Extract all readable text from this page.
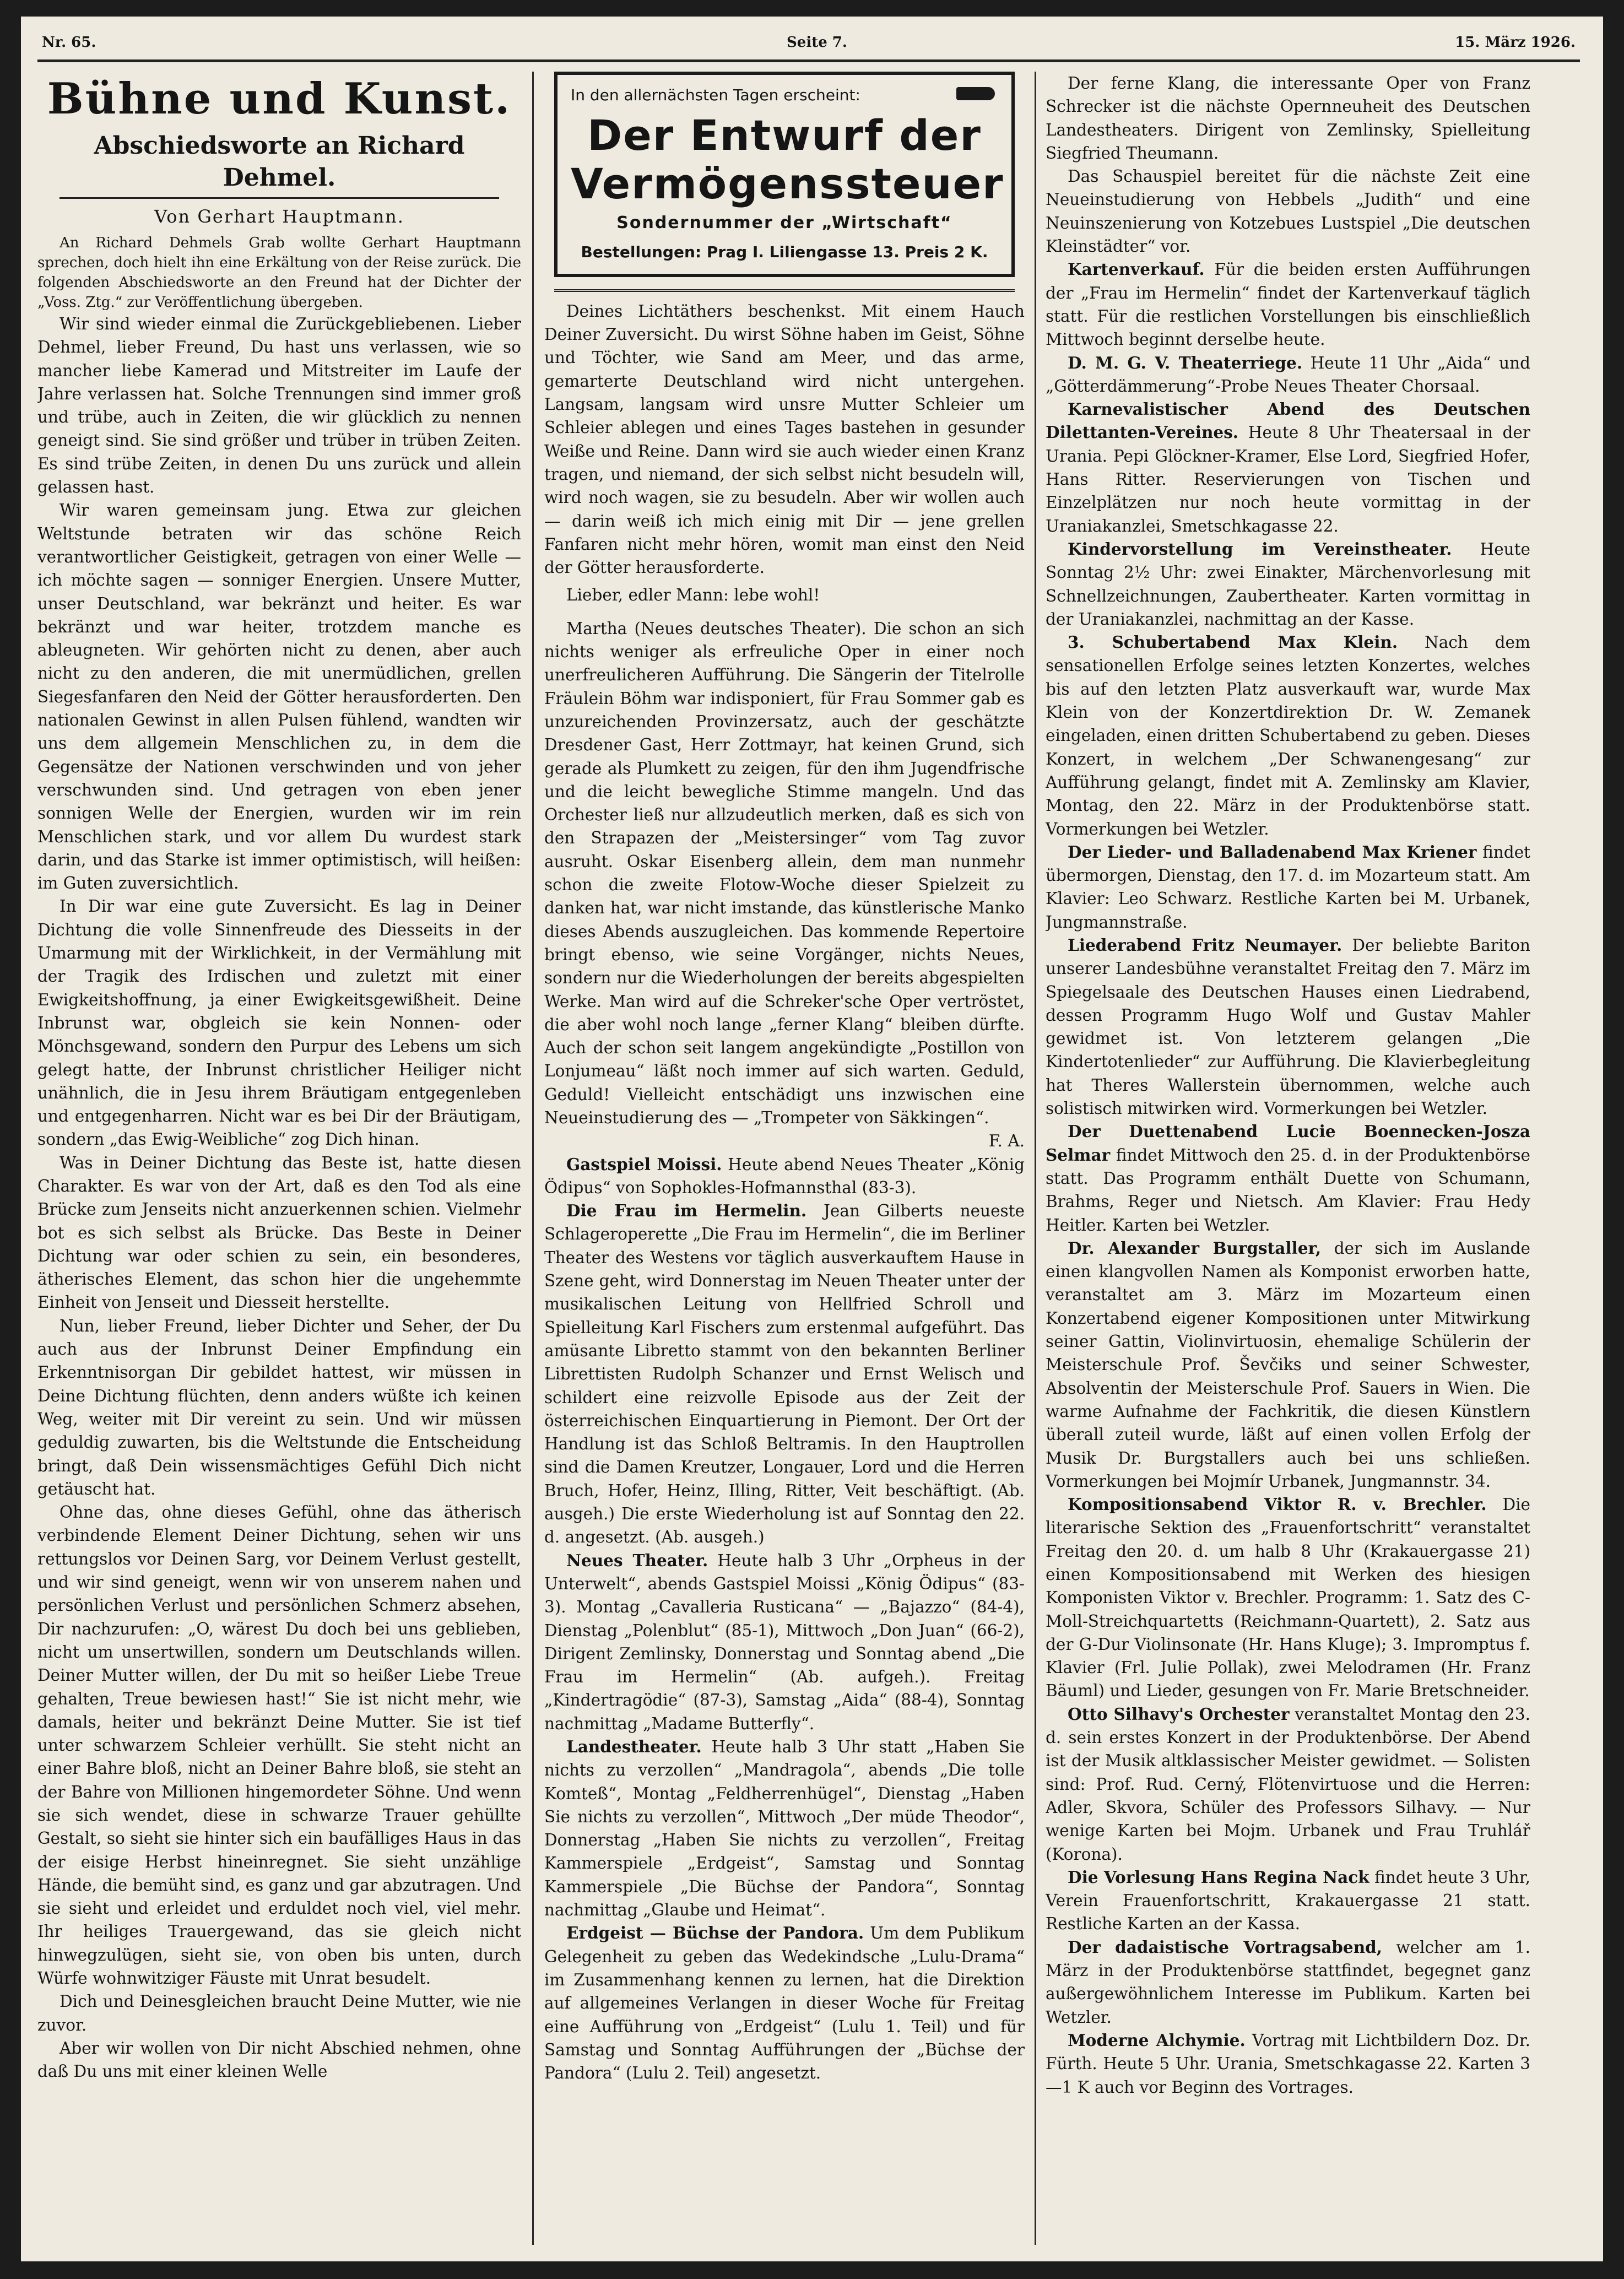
Nr. 65.	Seite 7.	15. März 1926.
Bühne und Kunst.
Abschiedsworte an Richard Dehmel.
Von Gerhart Hauptmann.

An Richard Dehmels Grab wollte Gerhart Hauptmann sprechen, doch hielt ihn eine Erkältung von der Reise zurück. Die folgenden Abschiedsworte an den Freund hat der Dichter der „Voss. Ztg.“ zur Veröffentlichung übergeben.

Wir sind wieder einmal die Zurückgebliebenen. Lieber Dehmel, lieber Freund, Du hast uns verlassen, wie so mancher liebe Kamerad und Mitstreiter im Laufe der Jahre verlassen hat. Solche Trennungen sind immer groß und trübe, auch in Zeiten, die wir glücklich zu nennen geneigt sind. Sie sind größer und trüber in trüben Zeiten. Es sind trübe Zeiten, in denen Du uns zurück und allein gelassen hast.

Wir waren gemeinsam jung. Etwa zur gleichen Weltstunde betraten wir das schöne Reich verantwortlicher Geistigkeit, getragen von einer Welle — ich möchte sagen — sonniger Energien. Unsere Mutter, unser Deutschland, war bekränzt und heiter. Es war bekränzt und war heiter, trotzdem manche es ableugneten. Wir gehörten nicht zu denen, aber auch nicht zu den anderen, die mit unermüdlichen, grellen Siegesfanfaren den Neid der Götter herausforderten. Den nationalen Gewinst in allen Pulsen fühlend, wandten wir uns dem allgemein Menschlichen zu, in dem die Gegensätze der Nationen verschwinden und von jeher verschwunden sind. Und getragen von eben jener sonnigen Welle der Energien, wurden wir im rein Menschlichen stark, und vor allem Du wurdest stark darin, und das Starke ist immer optimistisch, will heißen: im Guten zuversichtlich.

In Dir war eine gute Zuversicht. Es lag in Deiner Dichtung die volle Sinnenfreude des Diesseits in der Umarmung mit der Wirklichkeit, in der Vermählung mit der Tragik des Irdischen und zuletzt mit einer Ewigkeitshoffnung, ja einer Ewigkeitsgewißheit. Deine Inbrunst war, obgleich sie kein Nonnen- oder Mönchsgewand, sondern den Purpur des Lebens um sich gelegt hatte, der Inbrunst christlicher Heiliger nicht unähnlich, die in Jesu ihrem Bräutigam entgegenleben und entgegenharren. Nicht war es bei Dir der Bräutigam, sondern „das Ewig-Weibliche“ zog Dich hinan.

Was in Deiner Dichtung das Beste ist, hatte diesen Charakter. Es war von der Art, daß es den Tod als eine Brücke zum Jenseits nicht anzuerkennen schien. Vielmehr bot es sich selbst als Brücke. Das Beste in Deiner Dichtung war oder schien zu sein, ein besonderes, ätherisches Element, das schon hier die ungehemmte Einheit von Jenseit und Diesseit herstellte.

Nun, lieber Freund, lieber Dichter und Seher, der Du auch aus der Inbrunst Deiner Empfindung ein Erkenntnisorgan Dir gebildet hattest, wir müssen in Deine Dichtung flüchten, denn anders wüßte ich keinen Weg, weiter mit Dir vereint zu sein. Und wir müssen geduldig zuwarten, bis die Weltstunde die Entscheidung bringt, daß Dein wissensmächtiges Gefühl Dich nicht getäuscht hat.

Ohne das, ohne dieses Gefühl, ohne das ätherisch verbindende Element Deiner Dichtung, sehen wir uns rettungslos vor Deinen Sarg, vor Deinem Verlust gestellt, und wir sind geneigt, wenn wir von unserem nahen und persönlichen Verlust und persönlichen Schmerz absehen, Dir nachzurufen: „O, wärest Du doch bei uns geblieben, nicht um unsertwillen, sondern um Deutschlands willen. Deiner Mutter willen, der Du mit so heißer Liebe Treue gehalten, Treue bewiesen hast!“ Sie ist nicht mehr, wie damals, heiter und bekränzt Deine Mutter. Sie ist tief unter schwarzem Schleier verhüllt. Sie steht nicht an einer Bahre bloß, nicht an Deiner Bahre bloß, sie steht an der Bahre von Millionen hingemordeter Söhne. Und wenn sie sich wendet, diese in schwarze Trauer gehüllte Gestalt, so sieht sie hinter sich ein baufälliges Haus in das der eisige Herbst hineinregnet. Sie sieht unzählige Hände, die bemüht sind, es ganz und gar abzutragen. Und sie sieht und erleidet und erduldet noch viel, viel mehr. Ihr heiliges Trauergewand, das sie gleich nicht hinwegzulügen, sieht sie, von oben bis unten, durch Würfe wohnwitziger Fäuste mit Unrat besudelt.

Dich und Deinesgleichen braucht Deine Mutter, wie nie zuvor.

Aber wir wollen von Dir nicht Abschied nehmen, ohne daß Du uns mit einer kleinen Welle

In den allernächsten Tagen erscheint:
Der Entwurf der
Vermögenssteuer
Sondernummer der „Wirtschaft“
Bestellungen: Prag I. Liliengasse 13. Preis 2 K.

Deines Lichtäthers beschenkst. Mit einem Hauch Deiner Zuversicht. Du wirst Söhne haben im Geist, Söhne und Töchter, wie Sand am Meer, und das arme, gemarterte Deutschland wird nicht untergehen. Langsam, langsam wird unsre Mutter Schleier um Schleier ablegen und eines Tages bastehen in gesunder Weiße und Reine. Dann wird sie auch wieder einen Kranz tragen, und niemand, der sich selbst nicht besudeln will, wird noch wagen, sie zu besudeln. Aber wir wollen auch — darin weiß ich mich einig mit Dir — jene grellen Fanfaren nicht mehr hören, womit man einst den Neid der Götter herausforderte.

Lieber, edler Mann: lebe wohl!

Martha (Neues deutsches Theater). Die schon an sich nichts weniger als erfreuliche Oper in einer noch unerfreulicheren Aufführung. Die Sängerin der Titelrolle Fräulein Böhm war indisponiert, für Frau Sommer gab es unzureichenden Provinzersatz, auch der geschätzte Dresdener Gast, Herr Zottmayr, hat keinen Grund, sich gerade als Plumkett zu zeigen, für den ihm Jugendfrische und die leicht bewegliche Stimme mangeln. Und das Orchester ließ nur allzudeutlich merken, daß es sich von den Strapazen der „Meistersinger“ vom Tag zuvor ausruht. Oskar Eisenberg allein, dem man nunmehr schon die zweite Flotow-Woche dieser Spielzeit zu danken hat, war nicht imstande, das künstlerische Manko dieses Abends auszugleichen. Das kommende Repertoire bringt ebenso, wie seine Vorgänger, nichts Neues, sondern nur die Wiederholungen der bereits abgespielten Werke. Man wird auf die Schreker'sche Oper vertröstet, die aber wohl noch lange „ferner Klang“ bleiben dürfte. Auch der schon seit langem angekündigte „Postillon von Lonjumeau“ läßt noch immer auf sich warten. Geduld, Geduld! Vielleicht entschädigt uns inzwischen eine Neueinstudierung des — „Trompeter von Säkkingen“.

F. A.

Gastspiel Moissi. Heute abend Neues Theater „König Ödipus“ von Sophokles-Hofmannsthal (83-3).

Die Frau im Hermelin. Jean Gilberts neueste Schlageroperette „Die Frau im Hermelin“, die im Berliner Theater des Westens vor täglich ausverkauftem Hause in Szene geht, wird Donnerstag im Neuen Theater unter der musikalischen Leitung von Hellfried Schroll und Spielleitung Karl Fischers zum erstenmal aufgeführt. Das amüsante Libretto stammt von den bekannten Berliner Librettisten Rudolph Schanzer und Ernst Welisch und schildert eine reizvolle Episode aus der Zeit der österreichischen Einquartierung in Piemont. Der Ort der Handlung ist das Schloß Beltramis. In den Hauptrollen sind die Damen Kreutzer, Longauer, Lord und die Herren Bruch, Hofer, Heinz, Illing, Ritter, Veit beschäftigt. (Ab. ausgeh.) Die erste Wiederholung ist auf Sonntag den 22. d. angesetzt. (Ab. ausgeh.)

Neues Theater. Heute halb 3 Uhr „Orpheus in der Unterwelt“, abends Gastspiel Moissi „König Ödipus“ (83-3). Montag „Cavalleria Rusticana“ — „Bajazzo“ (84-4), Dienstag „Polenblut“ (85-1), Mittwoch „Don Juan“ (66-2), Dirigent Zemlinsky, Donnerstag und Sonntag abend „Die Frau im Hermelin“ (Ab. aufgeh.). Freitag „Kindertragödie“ (87-3), Samstag „Aida“ (88-4), Sonntag nachmittag „Madame Butterfly“.

Landestheater. Heute halb 3 Uhr statt „Haben Sie nichts zu verzollen“ „Mandragola“, abends „Die tolle Komteß“, Montag „Feldherrenhügel“, Dienstag „Haben Sie nichts zu verzollen“, Mittwoch „Der müde Theodor“, Donnerstag „Haben Sie nichts zu verzollen“, Freitag Kammerspiele „Erdgeist“, Samstag und Sonntag Kammerspiele „Die Büchse der Pandora“, Sonntag nachmittag „Glaube und Heimat“.

Erdgeist — Büchse der Pandora. Um dem Publikum Gelegenheit zu geben das Wedekindsche „Lulu-Drama“ im Zusammenhang kennen zu lernen, hat die Direktion auf allgemeines Verlangen in dieser Woche für Freitag eine Aufführung von „Erdgeist“ (Lulu 1. Teil) und für Samstag und Sonntag Aufführungen der „Büchse der Pandora“ (Lulu 2. Teil) angesetzt.

Der ferne Klang, die interessante Oper von Franz Schrecker ist die nächste Opernneuheit des Deutschen Landestheaters. Dirigent von Zemlinsky, Spielleitung Siegfried Theumann.

Das Schauspiel bereitet für die nächste Zeit eine Neueinstudierung von Hebbels „Judith“ und eine Neuinszenierung von Kotzebues Lustspiel „Die deutschen Kleinstädter“ vor.

Kartenverkauf. Für die beiden ersten Aufführungen der „Frau im Hermelin“ findet der Kartenverkauf täglich statt. Für die restlichen Vorstellungen bis einschließlich Mittwoch beginnt derselbe heute.

D. M. G. V. Theaterriege. Heute 11 Uhr „Aida“ und „Götterdämmerung“-Probe Neues Theater Chorsaal.

Karnevalistischer Abend des Deutschen Dilettanten-Vereines. Heute 8 Uhr Theatersaal in der Urania. Pepi Glöckner-Kramer, Else Lord, Siegfried Hofer, Hans Ritter. Reservierungen von Tischen und Einzelplätzen nur noch heute vormittag in der Uraniakanzlei, Smetschkagasse 22.

Kindervorstellung im Vereinstheater. Heute Sonntag 2½ Uhr: zwei Einakter, Märchenvorlesung mit Schnellzeichnungen, Zaubertheater. Karten vormittag in der Uraniakanzlei, nachmittag an der Kasse.

3. Schubertabend Max Klein. Nach dem sensationellen Erfolge seines letzten Konzertes, welches bis auf den letzten Platz ausverkauft war, wurde Max Klein von der Konzertdirektion Dr. W. Zemanek eingeladen, einen dritten Schubertabend zu geben. Dieses Konzert, in welchem „Der Schwanengesang“ zur Aufführung gelangt, findet mit A. Zemlinsky am Klavier, Montag, den 22. März in der Produktenbörse statt. Vormerkungen bei Wetzler.

Der Lieder- und Balladenabend Max Kriener findet übermorgen, Dienstag, den 17. d. im Mozarteum statt. Am Klavier: Leo Schwarz. Restliche Karten bei M. Urbanek, Jungmannstraße.

Liederabend Fritz Neumayer. Der beliebte Bariton unserer Landesbühne veranstaltet Freitag den 7. März im Spiegelsaale des Deutschen Hauses einen Liedrabend, dessen Programm Hugo Wolf und Gustav Mahler gewidmet ist. Von letzterem gelangen „Die Kindertotenlieder“ zur Aufführung. Die Klavierbegleitung hat Theres Wallerstein übernommen, welche auch solistisch mitwirken wird. Vormerkungen bei Wetzler.

Der Duettenabend Lucie Boennecken-Josza Selmar findet Mittwoch den 25. d. in der Produktenbörse statt. Das Programm enthält Duette von Schumann, Brahms, Reger und Nietsch. Am Klavier: Frau Hedy Heitler. Karten bei Wetzler.

Dr. Alexander Burgstaller, der sich im Auslande einen klangvollen Namen als Komponist erworben hatte, veranstaltet am 3. März im Mozarteum einen Konzertabend eigener Kompositionen unter Mitwirkung seiner Gattin, Violinvirtuosin, ehemalige Schülerin der Meisterschule Prof. Ševčiks und seiner Schwester, Absolventin der Meisterschule Prof. Sauers in Wien. Die warme Aufnahme der Fachkritik, die diesen Künstlern überall zuteil wurde, läßt auf einen vollen Erfolg der Musik Dr. Burgstallers auch bei uns schließen. Vormerkungen bei Mojmír Urbanek, Jungmannstr. 34.

Kompositionsabend Viktor R. v. Brechler. Die literarische Sektion des „Frauenfortschritt“ veranstaltet Freitag den 20. d. um halb 8 Uhr (Krakauergasse 21) einen Kompositionsabend mit Werken des hiesigen Komponisten Viktor v. Brechler. Programm: 1. Satz des C-Moll-Streichquartetts (Reichmann-Quartett), 2. Satz aus der G-Dur Violinsonate (Hr. Hans Kluge); 3. Impromptus f. Klavier (Frl. Julie Pollak), zwei Melodramen (Hr. Franz Bäuml) und Lieder, gesungen von Fr. Marie Bretschneider.

Otto Silhavy's Orchester veranstaltet Montag den 23. d. sein erstes Konzert in der Produktenbörse. Der Abend ist der Musik altklassischer Meister gewidmet. — Solisten sind: Prof. Rud. Cerný, Flötenvirtuose und die Herren: Adler, Skvora, Schüler des Professors Silhavy. — Nur wenige Karten bei Mojm. Urbanek und Frau Truhlář (Korona).

Die Vorlesung Hans Regina Nack findet heute 3 Uhr, Verein Frauenfortschritt, Krakauergasse 21 statt. Restliche Karten an der Kassa.

Der dadaistische Vortragsabend, welcher am 1. März in der Produktenbörse stattfindet, begegnet ganz außergewöhnlichem Interesse im Publikum. Karten bei Wetzler.

Moderne Alchymie. Vortrag mit Lichtbildern Doz. Dr. Fürth. Heute 5 Uhr. Urania, Smetschkagasse 22. Karten 3—1 K auch vor Beginn des Vortrages.
